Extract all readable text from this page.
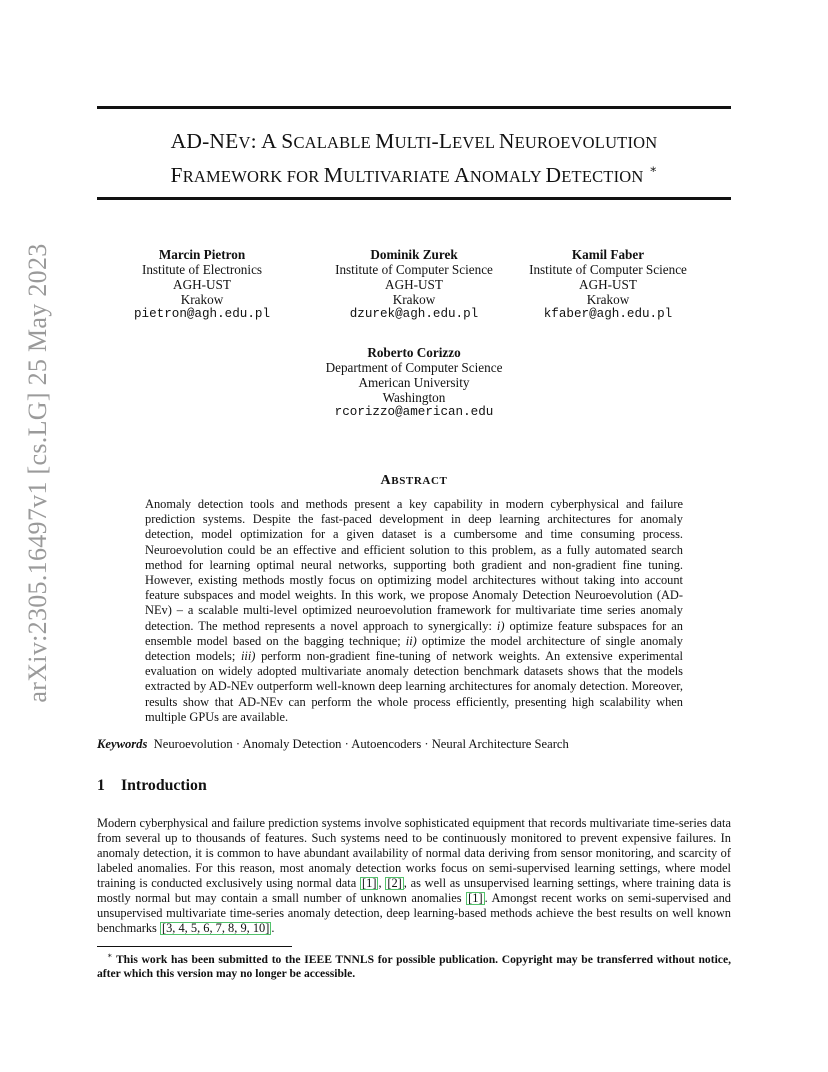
arXiv:2305.16497v1 [cs.LG] 25 May 2023
AD-NEV: A SCALABLE MULTI-LEVEL NEUROEVOLUTION
FRAMEWORK FOR MULTIVARIATE ANOMALY DETECTION ∗
Marcin Pietron
Institute of Electronics
AGH-UST
Krakow
pietron@agh.edu.pl
Dominik Zurek
Institute of Computer Science
AGH-UST
Krakow
dzurek@agh.edu.pl
Kamil Faber
Institute of Computer Science
AGH-UST
Krakow
kfaber@agh.edu.pl
Roberto Corizzo
Department of Computer Science
American University
Washington
rcorizzo@american.edu
ABSTRACT
Anomaly detection tools and methods present a key capability in modern cyberphysical and failure prediction systems. Despite the fast-paced development in deep learning architectures for anomaly detection, model optimization for a given dataset is a cumbersome and time consuming process. Neuroevolution could be an effective and efficient solution to this problem, as a fully automated search method for learning optimal neural networks, supporting both gradient and non-gradient fine tuning. However, existing methods mostly focus on optimizing model architectures without taking into account feature subspaces and model weights. In this work, we propose Anomaly Detection Neuroevolution (AD-NEv) – a scalable multi-level optimized neuroevolution framework for multivariate time series anomaly detection. The method represents a novel approach to synergically: i) optimize feature subspaces for an ensemble model based on the bagging technique; ii) optimize the model architecture of single anomaly detection models; iii) perform non-gradient fine-tuning of network weights. An extensive experimental evaluation on widely adopted multivariate anomaly detection benchmark datasets shows that the models extracted by AD-NEv outperform well-known deep learning architectures for anomaly detection. Moreover, results show that AD-NEv can perform the whole process efficiently, presenting high scalability when multiple GPUs are available.
Keywords Neuroevolution · Anomaly Detection · Autoencoders · Neural Architecture Search
1 Introduction
Modern cyberphysical and failure prediction systems involve sophisticated equipment that records multivariate time-series data from several up to thousands of features. Such systems need to be continuously monitored to prevent expensive failures. In anomaly detection, it is common to have abundant availability of normal data deriving from sensor monitoring, and scarcity of labeled anomalies. For this reason, most anomaly detection works focus on semi-supervised learning settings, where model training is conducted exclusively using normal data [1] , [2] , as well as unsupervised learning settings, where training data is mostly normal but may contain a small number of unknown anomalies [1] . Amongst recent works on semi-supervised and unsupervised multivariate time-series anomaly detection, deep learning-based methods achieve the best results on well known benchmarks [3, 4, 5, 6, 7, 8, 9, 10] .
∗ This work has been submitted to the IEEE TNNLS for possible publication. Copyright may be transferred without notice, after which this version may no longer be accessible.
